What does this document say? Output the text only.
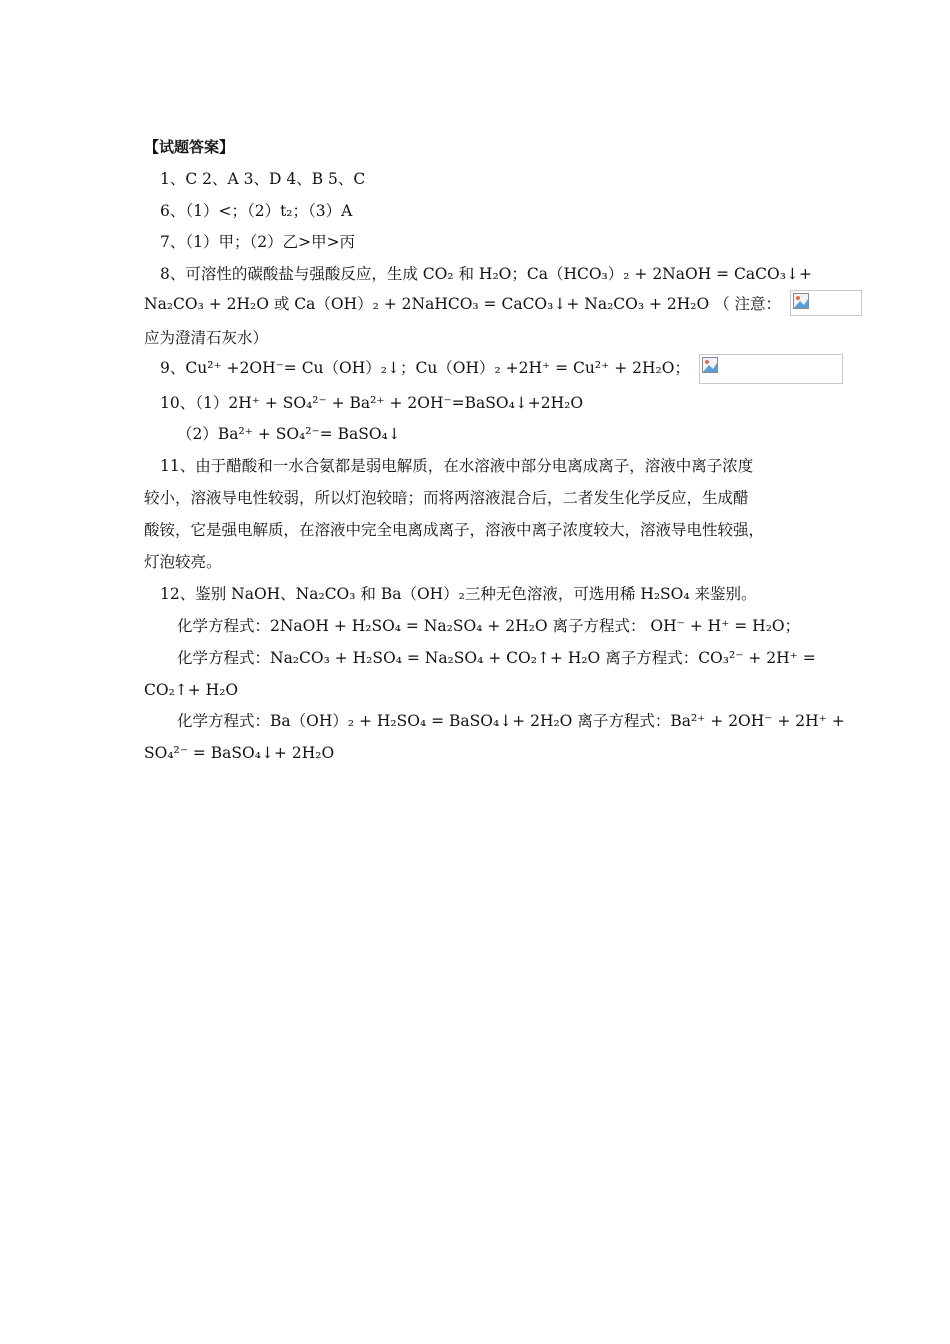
【试题答案】
1、C 2、A 3、D 4、B 5、C
6、（1）<；（2）t₂；（3）A
7、（1）甲；（2）乙>甲>丙
8、可溶性的碳酸盐与强酸反应，生成 CO₂ 和 H₂O；Ca（HCO₃）₂ + 2NaOH = CaCO₃↓+
Na₂CO₃ + 2H₂O 或 Ca（OH）₂ + 2NaHCO₃ = CaCO₃↓+ Na₂CO₃ + 2H₂O （ 注意：
应为澄清石灰水）
9、Cu²⁺ +2OH⁻= Cu（OH）₂↓；Cu（OH）₂ +2H⁺ = Cu²⁺ + 2H₂O；
10、（1）2H⁺ + SO₄²⁻ + Ba²⁺ + 2OH⁻=BaSO₄↓+2H₂O
（2）Ba²⁺ + SO₄²⁻= BaSO₄↓
11、由于醋酸和一水合氨都是弱电解质，在水溶液中部分电离成离子，溶液中离子浓度
较小，溶液导电性较弱，所以灯泡较暗；而将两溶液混合后，二者发生化学反应，生成醋
酸铵，它是强电解质，在溶液中完全电离成离子，溶液中离子浓度较大，溶液导电性较强，
灯泡较亮。
12、鉴别 NaOH、Na₂CO₃ 和 Ba（OH）₂三种无色溶液，可选用稀 H₂SO₄ 来鉴别。
化学方程式：2NaOH + H₂SO₄ = Na₂SO₄ + 2H₂O 离子方程式： OH⁻ + H⁺ = H₂O；
化学方程式：Na₂CO₃ + H₂SO₄ = Na₂SO₄ + CO₂↑+ H₂O 离子方程式：CO₃²⁻ + 2H⁺ =
CO₂↑+ H₂O
化学方程式：Ba（OH）₂ + H₂SO₄ = BaSO₄↓+ 2H₂O 离子方程式：Ba²⁺ + 2OH⁻ + 2H⁺ +
SO₄²⁻ = BaSO₄↓+ 2H₂O
